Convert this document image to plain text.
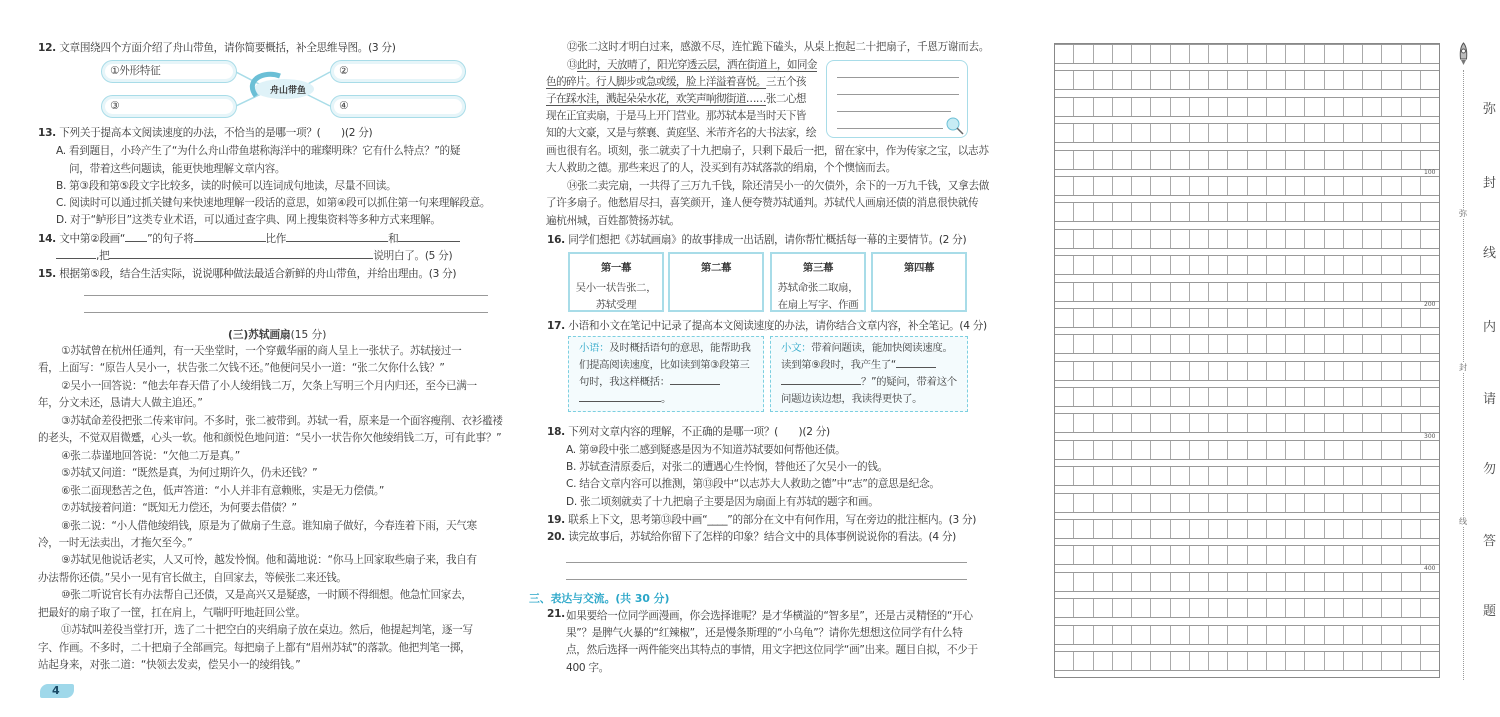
12. 文章围绕四个方面介绍了舟山带鱼，请你简要概括，补全思维导图。(3 分)
①外形特征	②
③	④
舟山带鱼
13. 下列关于提高本文阅读速度的办法，不恰当的是哪一项？(　　)(2 分)
A. 看到题目，小玲产生了“为什么舟山带鱼堪称海洋中的璀璨明珠？它有什么特点？”的疑
问，带着这些问题读，能更快地理解文章内容。
B. 第③段和第⑤段文字比较多，读的时候可以连词成句地读，尽量不回读。
C. 阅读时可以通过抓关键句来快速地理解一段话的意思，如第④段可以抓住第一句来理解段意。
D. 对于“鲈形目”这类专业术语，可以通过查字典、网上搜集资料等多种方式来理解。
14. 文中第②段画“ ”的句子将	比作	和
,把	说明白了。(5 分)
15. 根据第⑤段，结合生活实际，说说哪种做法最适合新鲜的舟山带鱼，并给出理由。(3 分)
(三)苏轼画扇(15 分)
①苏轼曾在杭州任通判，有一天坐堂时，一个穿戴华丽的商人呈上一张状子。苏轼接过一
看，上面写：“原告人吴小一，状告张二欠钱不还。”他便问吴小一道：“张二欠你什么钱？”
②吴小一回答说：“他去年春天借了小人绫绢钱二万，欠条上写明三个月内归还，至今已满一
年，分文未还，恳请大人做主追还。”
③苏轼命差役把张二传来审问。不多时，张二被带到。苏轼一看，原来是一个面容瘦削、衣衫褴褛
的老头，不觉双眉微蹙，心头一软。他和颜悦色地问道：“吴小一状告你欠他绫绢钱二万，可有此事？”
④张二恭谨地回答说：“欠他二万是真。”
⑤苏轼又问道：“既然是真，为何过期许久，仍未还钱？”
⑥张二面现愁苦之色，低声答道：“小人并非有意赖账，实是无力偿债。”
⑦苏轼接着问道：“既知无力偿还，为何要去借债？”
⑧张二说：“小人借他绫绢钱，原是为了做扇子生意。谁知扇子做好，今春连着下雨，天气寒
冷，一时无法卖出，才拖欠至今。”
⑨苏轼见他说话老实，人又可怜，越发怜悯。他和蔼地说：“你马上回家取些扇子来，我自有
办法帮你还债。”吴小一见有官长做主，自回家去，等候张二来还钱。
⑩张二听说官长有办法帮自己还债，又是高兴又是疑惑，一时顾不得细想。他急忙回家去，
把最好的扇子取了一筐，扛在肩上，气喘吁吁地赶回公堂。
⑪苏轼叫差役当堂打开，选了二十把空白的夹绢扇子放在桌边。然后，他提起判笔，逐一写
字、作画。不多时，二十把扇子全部画完。每把扇子上都有“眉州苏轼”的落款。他把判笔一掷，
站起身来，对张二道：“快领去发卖，偿吴小一的绫绢钱。”
4
⑫张二这时才明白过来，感激不尽，连忙跪下磕头，从桌上抱起二十把扇子，千恩万谢而去。
⑬此时，天放晴了，阳光穿透云层，洒在街道上，如同金
色的碎片。行人脚步或急或缓，脸上洋溢着喜悦。三五个孩
子在踩水洼，溅起朵朵水花，欢笑声响彻街道……张二心想
现在正宜卖扇，于是马上开门营业。那苏轼本是当时天下皆
知的大文豪，又是与蔡襄、黄庭坚、米芾齐名的大书法家，绘
画也很有名。顷刻，张二就卖了十九把扇子，只剩下最后一把，留在家中，作为传家之宝，以志苏
大人救助之德。那些来迟了的人，没买到有苏轼落款的绢扇，个个懊恼而去。
⑭张二卖完扇，一共得了三万九千钱，除还清吴小一的欠债外，余下的一万九千钱，又拿去做
了许多扇子。他愁眉尽扫，喜笑颜开，逢人便夸赞苏轼通判。苏轼代人画扇还债的消息很快就传
遍杭州城，百姓都赞扬苏轼。
16. 同学们想把《苏轼画扇》的故事排成一出话剧，请你帮忙概括每一幕的主要情节。(2 分)
第一幕
吴小一状告张二，
苏轼受理
第二幕	第三幕
苏轼命张二取扇，
在扇上写字、作画
第四幕
17. 小语和小文在笔记中记录了提高本文阅读速度的办法，请你结合文章内容，补全笔记。(4 分)
小语：及时概括语句的意思，能帮助我们提高阅读速度，比如读到第③段第三句时，我这样概括：
。
小文：带着问题读，能加快阅读速度。读到第⑨段时，我产生了“？”的疑问，带着这个问题边读边想，我读得更快了。
18. 下列对文章内容的理解，不正确的是哪一项？(　　)(2 分)
A. 第⑩段中张二感到疑惑是因为不知道苏轼要如何帮他还债。
B. 苏轼查清原委后，对张二的遭遇心生怜悯，替他还了欠吴小一的钱。
C. 结合文章内容可以推测，第⑬段中“以志苏大人救助之德”中“志”的意思是纪念。
D. 张二顷刻就卖了十九把扇子主要是因为扇面上有苏轼的题字和画。
19. 联系上下文，思考第⑬段中画“____”的部分在文中有何作用，写在旁边的批注框内。(3 分)
20. 读完故事后，苏轼给你留下了怎样的印象？结合文中的具体事例说说你的看法。(4 分)
三、表达与交流。(共 30 分)
21. 如果要给一位同学画漫画，你会选择谁呢？是才华横溢的“智多星”，还是古灵精怪的“开心
果”？是脾气火暴的“红辣椒”，还是慢条斯理的“小乌龟”？请你先想想这位同学有什么特
点，然后选择一两件能突出其特点的事情，用文字把这位同学“画”出来。题目自拟，不少于
400 字。
100
200
300
400
弥
封
线
内
请
勿
答
题
弥
封
线
